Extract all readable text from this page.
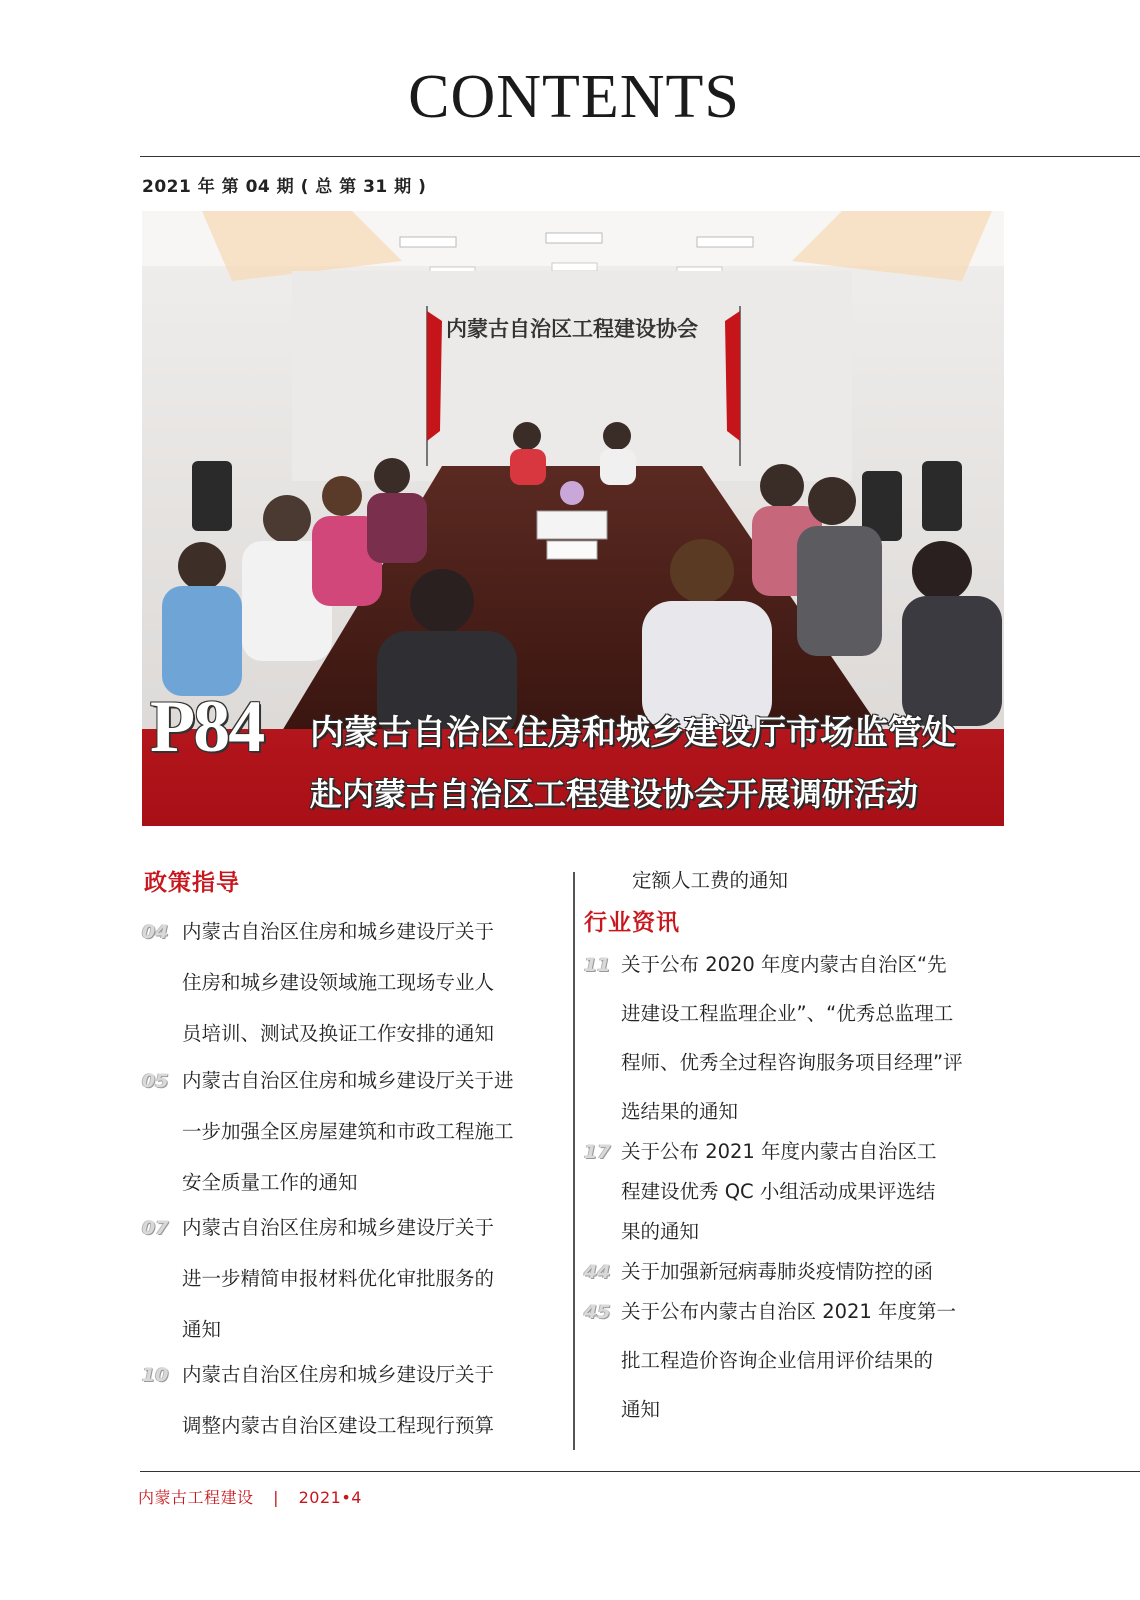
CONTENTS
2021 年 第 04 期 ( 总 第 31 期 )
内蒙古自治区工程建设协会
P84 内蒙古自治区住房和城乡建设厅市场监管处
赴内蒙古自治区工程建设协会开展调研活动
政策指导
04 内蒙古自治区住房和城乡建设厅关于
住房和城乡建设领域施工现场专业人
员培训、测试及换证工作安排的通知
05 内蒙古自治区住房和城乡建设厅关于进
一步加强全区房屋建筑和市政工程施工
安全质量工作的通知
07 内蒙古自治区住房和城乡建设厅关于
进一步精简申报材料优化审批服务的
通知
10 内蒙古自治区住房和城乡建设厅关于
调整内蒙古自治区建设工程现行预算
定额人工费的通知
行业资讯
11 关于公布 2020 年度内蒙古自治区“先
进建设工程监理企业”、“优秀总监理工
程师、优秀全过程咨询服务项目经理”评
选结果的通知
17 关于公布 2021 年度内蒙古自治区工
程建设优秀 QC 小组活动成果评选结
果的通知
44 关于加强新冠病毒肺炎疫情防控的函
45 关于公布内蒙古自治区 2021 年度第一
批工程造价咨询企业信用评价结果的
通知
内蒙古工程建设 | 2021•4
